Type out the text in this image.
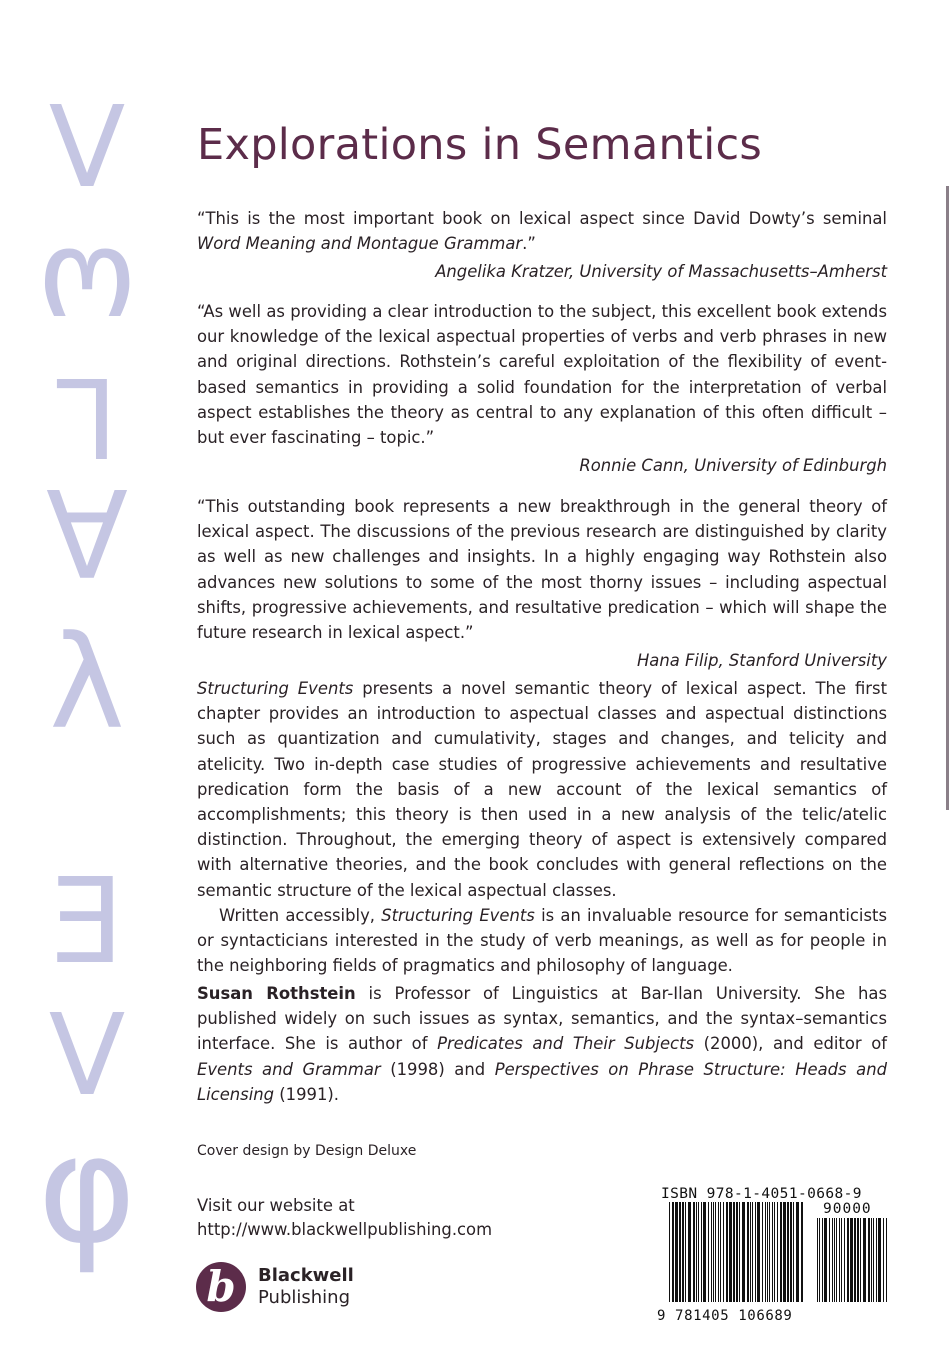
V
ω
L
A
λ
E
V
φ
Explorations in Semantics

“This is the most important book on lexical aspect since David Dowty’s seminal Word Meaning and Montague Grammar.”

Angelika Kratzer, University of Massachusetts–Amherst

“As well as providing a clear introduction to the subject, this excellent book extends our knowledge of the lexical aspectual properties of verbs and verb phrases in new and original directions. Rothstein’s careful exploitation of the flexibility of event-based semantics in providing a solid foundation for the interpretation of verbal aspect establishes the theory as central to any explanation of this often difficult – but ever fascinating – topic.”

Ronnie Cann, University of Edinburgh

“This outstanding book represents a new breakthrough in the general theory of lexical aspect. The discussions of the previous research are distinguished by clarity as well as new challenges and insights. In a highly engaging way Rothstein also advances new solutions to some of the most thorny issues – including aspectual shifts, progressive achievements, and resultative predication – which will shape the future research in lexical aspect.”

Hana Filip, Stanford University

Structuring Events presents a novel semantic theory of lexical aspect. The first chapter provides an introduction to aspectual classes and aspectual distinctions such as quantization and cumulativity, stages and changes, and telicity and atelicity. Two in-depth case studies of progressive achievements and resultative predication form the basis of a new account of the lexical semantics of accomplishments; this theory is then used in a new analysis of the telic/atelic distinction. Throughout, the emerging theory of aspect is extensively compared with alternative theories, and the book concludes with general reflections on the semantic structure of the lexical aspectual classes.

Written accessibly, Structuring Events is an invaluable resource for semanticists or syntacticians interested in the study of verb meanings, as well as for people in the neighboring fields of pragmatics and philosophy of language.

Susan Rothstein is Professor of Linguistics at Bar-Ilan University. She has published widely on such issues as syntax, semantics, and the syntax–semantics interface. She is author of Predicates and Their Subjects (2000), and editor of Events and Grammar (1998) and Perspectives on Phrase Structure: Heads and Licensing (1991).

Cover design by Design Deluxe
Visit our website at
http://www.blackwellpublishing.com
b	Blackwell
Publishing
ISBN 978-1-4051-0668-9
90000
9 781405 106689
